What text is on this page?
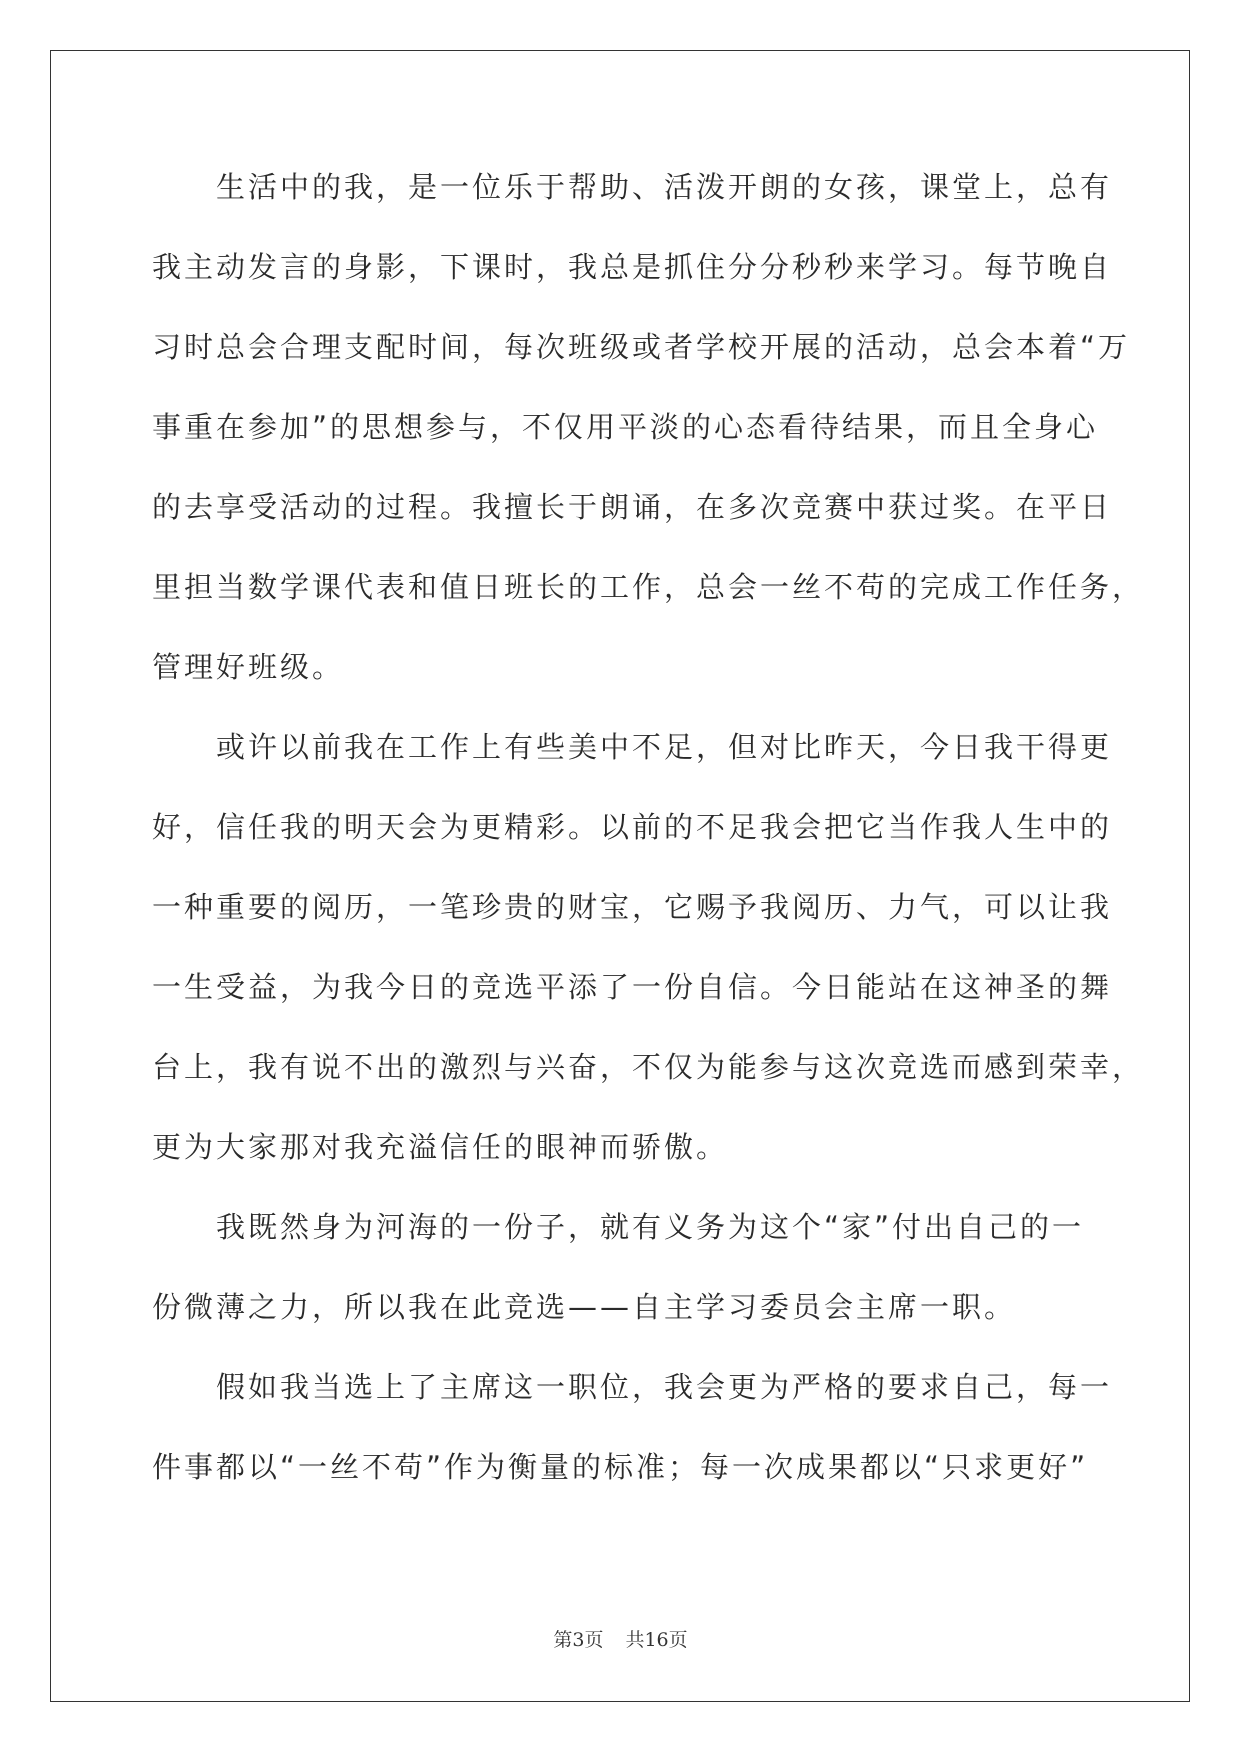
生活中的我，是一位乐于帮助、活泼开朗的女孩，课堂上，总有

我主动发言的身影，下课时，我总是抓住分分秒秒来学习。每节晚自

习时总会合理支配时间，每次班级或者学校开展的活动，总会本着“万

事重在参加”的思想参与，不仅用平淡的心态看待结果，而且全身心

的去享受活动的过程。我擅长于朗诵，在多次竞赛中获过奖。在平日

里担当数学课代表和值日班长的工作，总会一丝不苟的完成工作任务，

管理好班级。

或许以前我在工作上有些美中不足，但对比昨天，今日我干得更

好，信任我的明天会为更精彩。以前的不足我会把它当作我人生中的

一种重要的阅历，一笔珍贵的财宝，它赐予我阅历、力气，可以让我

一生受益，为我今日的竞选平添了一份自信。今日能站在这神圣的舞

台上，我有说不出的激烈与兴奋，不仅为能参与这次竞选而感到荣幸，

更为大家那对我充溢信任的眼神而骄傲。

我既然身为河海的一份子，就有义务为这个“家”付出自己的一

份微薄之力，所以我在此竞选——自主学习委员会主席一职。

假如我当选上了主席这一职位，我会更为严格的要求自己，每一

件事都以“一丝不苟”作为衡量的标准；每一次成果都以“只求更好”

第3页 共16页
